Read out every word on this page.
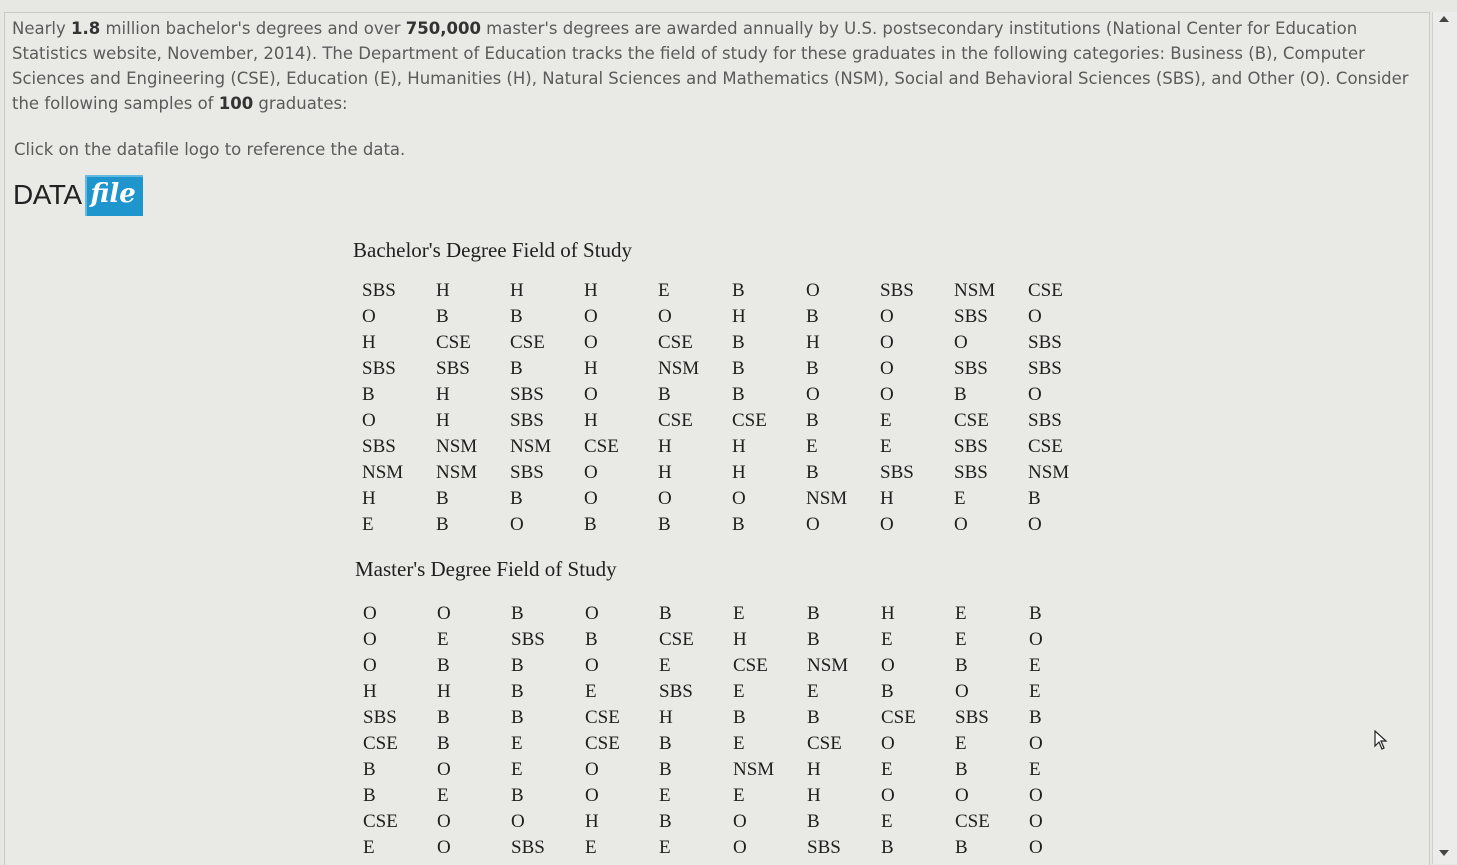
Nearly 1.8 million bachelor's degrees and over 750,000 master's degrees are awarded annually by U.S. postsecondary institutions (National Center for Education Statistics website, November, 2014). The Department of Education tracks the field of study for these graduates in the following categories: Business (B), Computer Sciences and Engineering (CSE), Education (E), Humanities (H), Natural Sciences and Mathematics (NSM), Social and Behavioral Sciences (SBS), and Other (O). Consider the following samples of 100 graduates:

Click on the datafile logo to reference the data.
DATA file
Bachelor's Degree Field of Study
SBS	H	H	H	E	B	O	SBS	NSM	CSE
O	B	B	O	O	H	B	O	SBS	O
H	CSE	CSE	O	CSE	B	H	O	O	SBS
SBS	SBS	B	H	NSM	B	B	O	SBS	SBS
B	H	SBS	O	B	B	O	O	B	O
O	H	SBS	H	CSE	CSE	B	E	CSE	SBS
SBS	NSM	NSM	CSE	H	H	E	E	SBS	CSE
NSM	NSM	SBS	O	H	H	B	SBS	SBS	NSM
H	B	B	O	O	O	NSM	H	E	B
E	B	O	B	B	B	O	O	O	O
Master's Degree Field of Study
O	O	B	O	B	E	B	H	E	B
O	E	SBS	B	CSE	H	B	E	E	O
O	B	B	O	E	CSE	NSM	O	B	E
H	H	B	E	SBS	E	E	B	O	E
SBS	B	B	CSE	H	B	B	CSE	SBS	B
CSE	B	E	CSE	B	E	CSE	O	E	O
B	O	E	O	B	NSM	H	E	B	E
B	E	B	O	E	E	H	O	O	O
CSE	O	O	H	B	O	B	E	CSE	O
E	O	SBS	E	E	O	SBS	B	B	O
